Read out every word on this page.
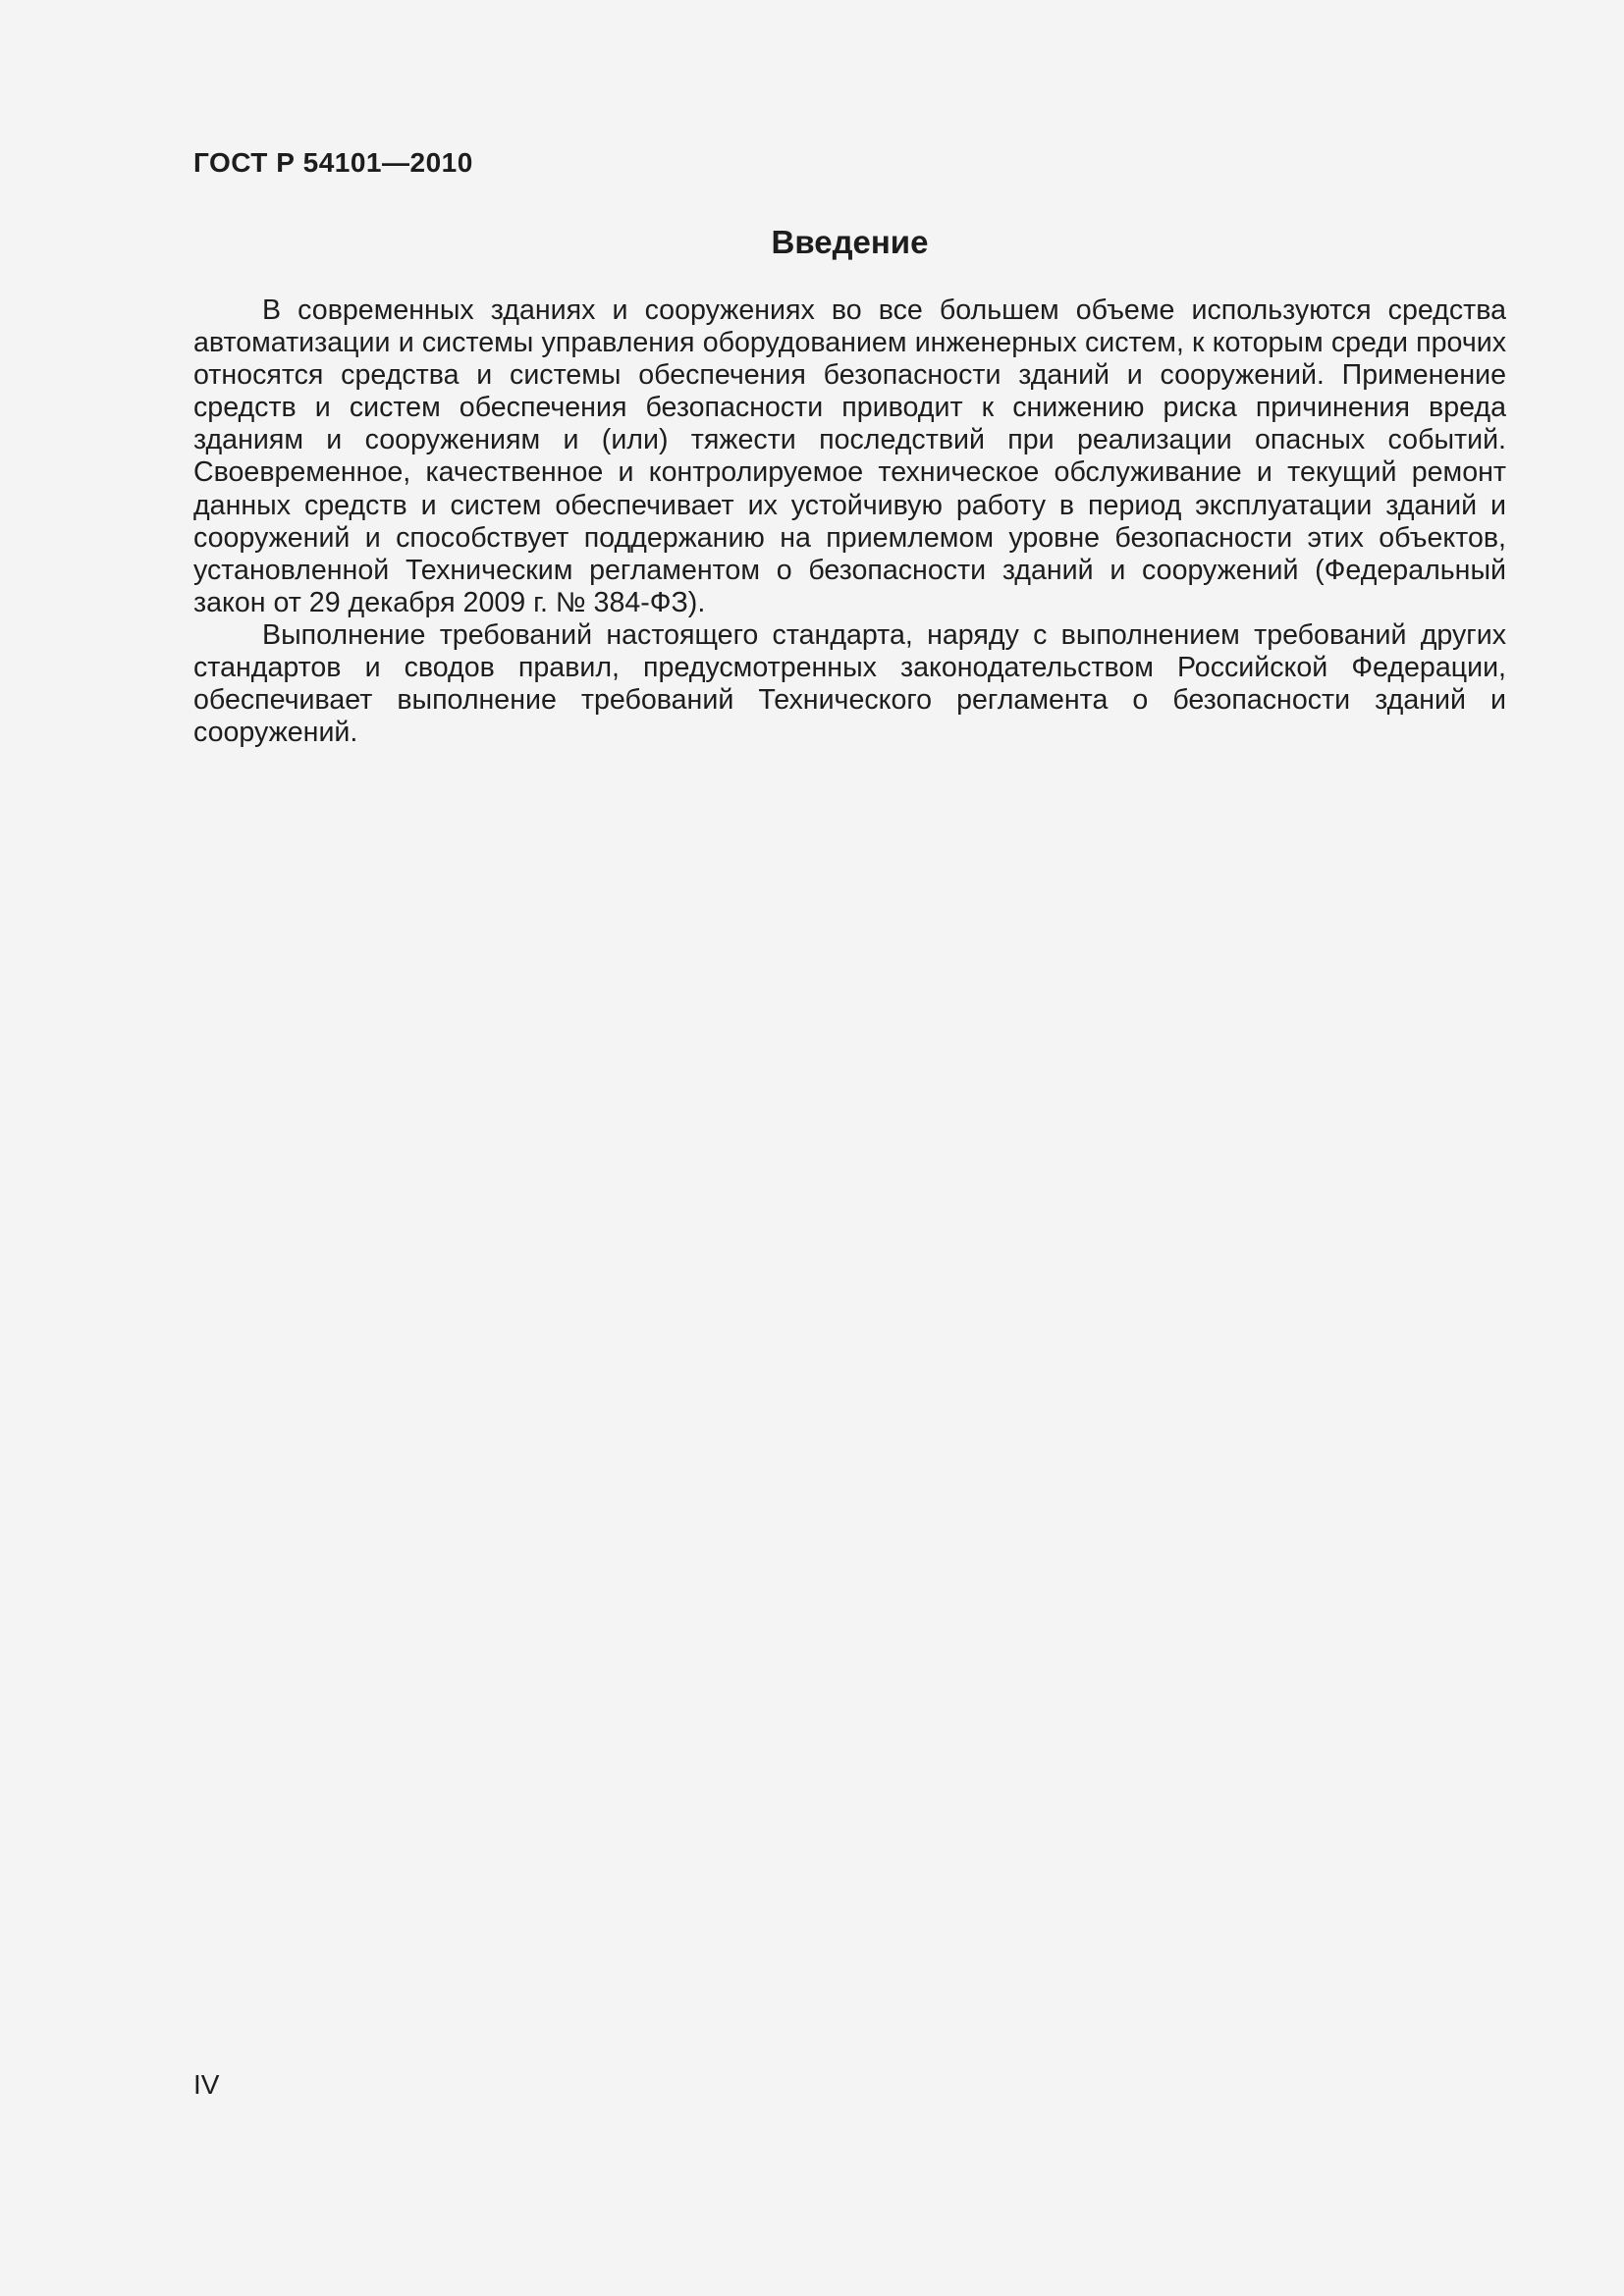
ГОСТ Р 54101—2010
Введение

В современных зданиях и сооружениях во все большем объеме используются средства автоматизации и системы управления оборудованием инженерных систем, к которым среди прочих относятся средства и системы обеспечения безопасности зданий и сооружений. Применение средств и систем обеспечения безопасности приводит к снижению риска причинения вреда зданиям и сооружениям и (или) тяжести последствий при реализации опасных событий. Своевременное, качественное и контролируемое техническое обслуживание и текущий ремонт данных средств и систем обеспечивает их устойчивую работу в период эксплуатации зданий и сооружений и способствует поддержанию на приемлемом уровне безопасности этих объектов, установленной Техническим регламентом о безопасности зданий и сооружений (Федеральный закон от 29 декабря 2009 г. № 384-ФЗ).

Выполнение требований настоящего стандарта, наряду с выполнением требований других стандартов и сводов правил, предусмотренных законодательством Российской Федерации, обеспечивает выполнение требований Технического регламента о безопасности зданий и сооружений.

IV
